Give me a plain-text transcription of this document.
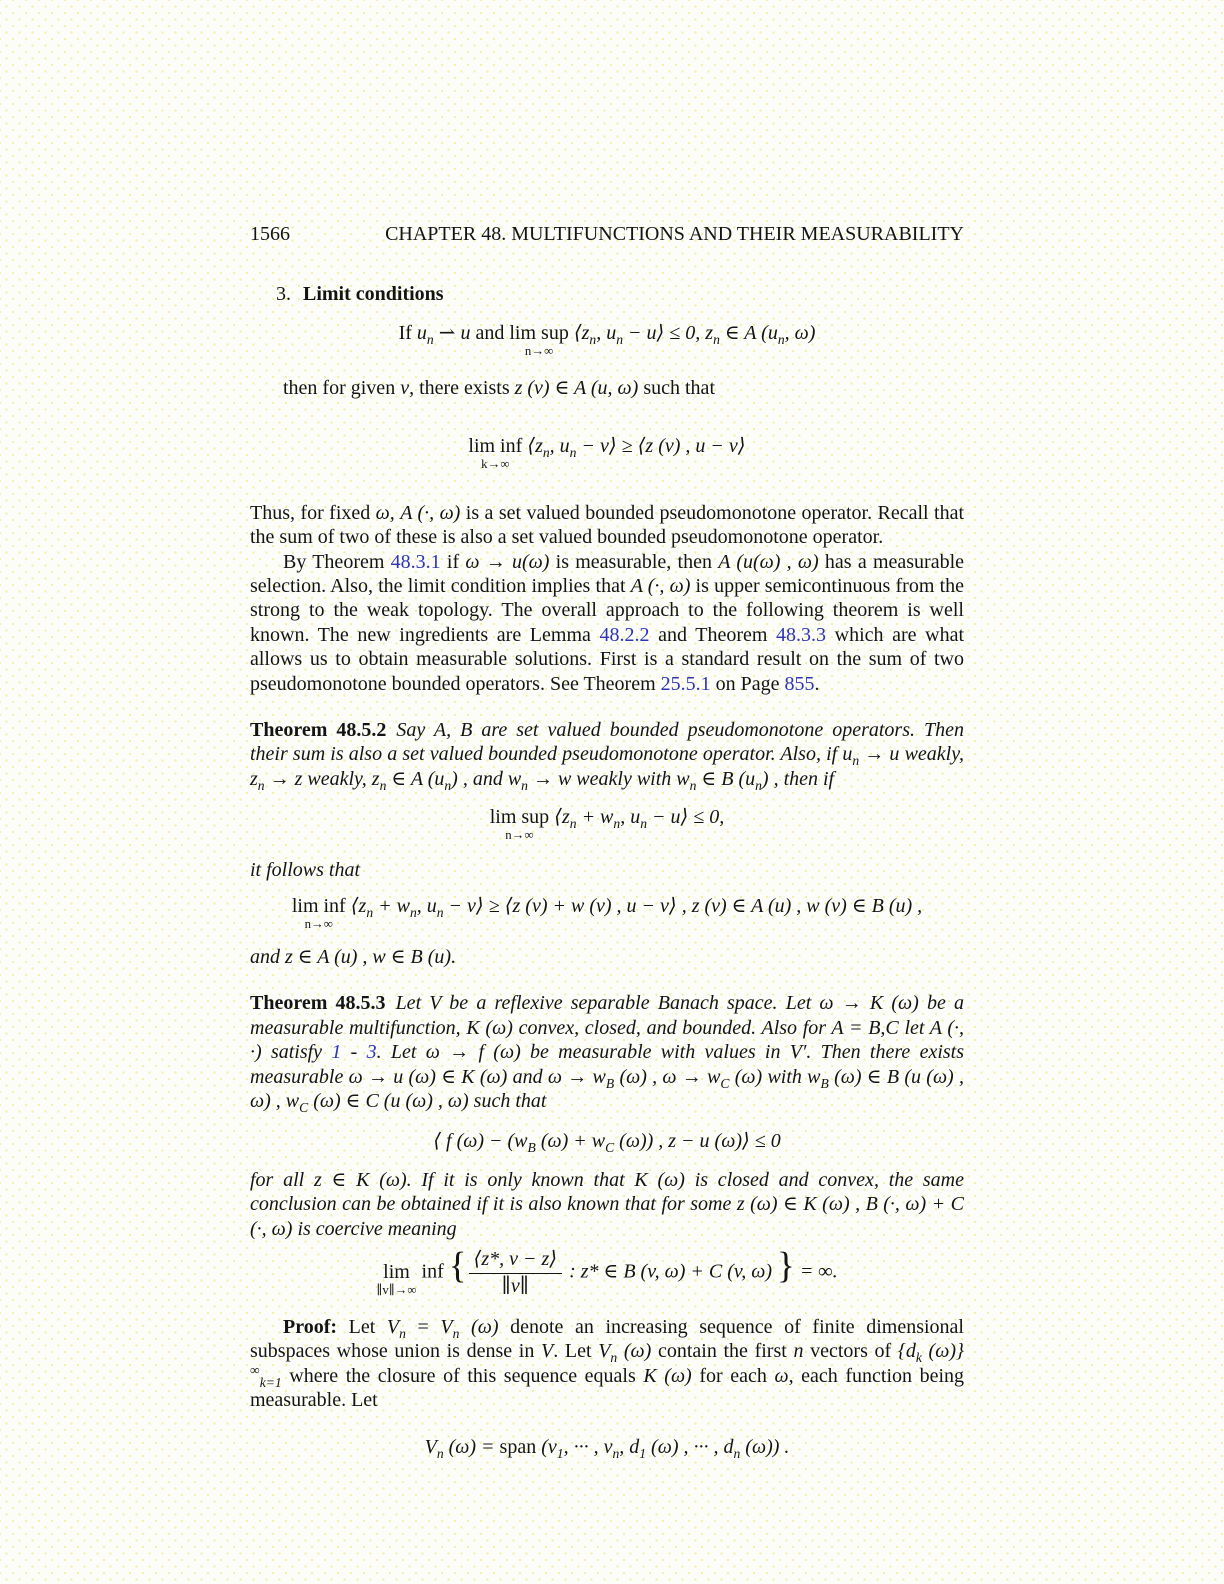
1566	CHAPTER 48. MULTIFUNCTIONS AND THEIR MEASURABILITY
3. Limit conditions
If $u_n$ ⇀ u and lim sup
n→∞
$⟨z_n$, $u_n$ − u⟩ ≤ 0, $z_n$ ∈ A ($u_n$, ω)

then for given v, there exists z (v) ∈ A (u, ω) such that

lim inf
k→∞
$⟨z_n$, $u_n$ − v⟩ ≥ ⟨z (v) , u − v⟩

Thus, for fixed ω, A (·, ω) is a set valued bounded pseudomonotone operator. Recall that the sum of two of these is also a set valued bounded pseudomonotone operator.

By Theorem 48.3.1 if ω → u(ω) is measurable, then A (u(ω) , ω) has a measurable selection. Also, the limit condition implies that A (·, ω) is upper semicontinuous from the strong to the weak topology. The overall approach to the following theorem is well known. The new ingredients are Lemma 48.2.2 and Theorem 48.3.3 which are what allows us to obtain measurable solutions. First is a standard result on the sum of two pseudomonotone bounded operators. See Theorem 25.5.1 on Page 855.

Theorem 48.5.2 Say A, B are set valued bounded pseudomonotone operators. Then their sum is also a set valued bounded pseudomonotone operator. Also, if $u_n \to u$ weakly, $z_n \to z$ weakly, $z_n$ ∈ A $(u_n)$ , and $w_n \to w$ weakly with $w_n$ ∈ B $(u_n)$ , then if

lim sup
n→∞
$⟨z_n + w_n$, $u_n$ − u⟩ ≤ 0,

it follows that

lim inf
n→∞
$⟨z_n + w_n$, $u_n$ − v⟩ ≥ ⟨z (v) + w (v) , u − v⟩ , z (v) ∈ A (u) , w (v) ∈ B (u) ,

and z ∈ A (u) , w ∈ B (u).

Theorem 48.5.3 Let V be a reflexive separable Banach space. Let ω → K (ω) be a measurable multifunction, K (ω) convex, closed, and bounded. Also for A = B,C let A (·, ·) satisfy 1 - 3. Let ω → f (ω) be measurable with values in V′. Then there exists measurable ω → u (ω) ∈ K (ω) and $\omega \to w_B$ (ω) , $\omega \to w_C$ (ω) with $w_B$ (ω) ∈ B (u (ω) , ω) , $w_C$ (ω) ∈ C (u (ω) , ω) such that

⟨ f $(\omega) - (w_B$ $(\omega) + w_C$ (ω)) , z − u (ω)⟩ ≤ 0

for all z ∈ K (ω). If it is only known that K (ω) is closed and convex, the same conclusion can be obtained if it is also known that for some z (ω) ∈ K (ω) , B (·, ω) + C (·, ω) is coercive meaning

lim
∥v∥→∞
inf { $\frac{⟨z*, v - z⟩}{\parallel v\parallel}$ : z* ∈ B (v, ω) + C (v, ω) } = ∞.

Proof: Let $V_n = V_n$ (ω) denote an increasing sequence of finite dimensional subspaces whose union is dense in V. Let $V_n$ (ω) contain the first n vectors of {$d_k$ $(\omega)\}^\infty_{k=1}$ where the closure of this sequence equals K (ω) for each ω, each function being measurable. Let

$V_n$ (ω) = span ($v_1$, ··· , $v_n$, $d_1$ (ω) , ··· , $d_n$ (ω)) .
